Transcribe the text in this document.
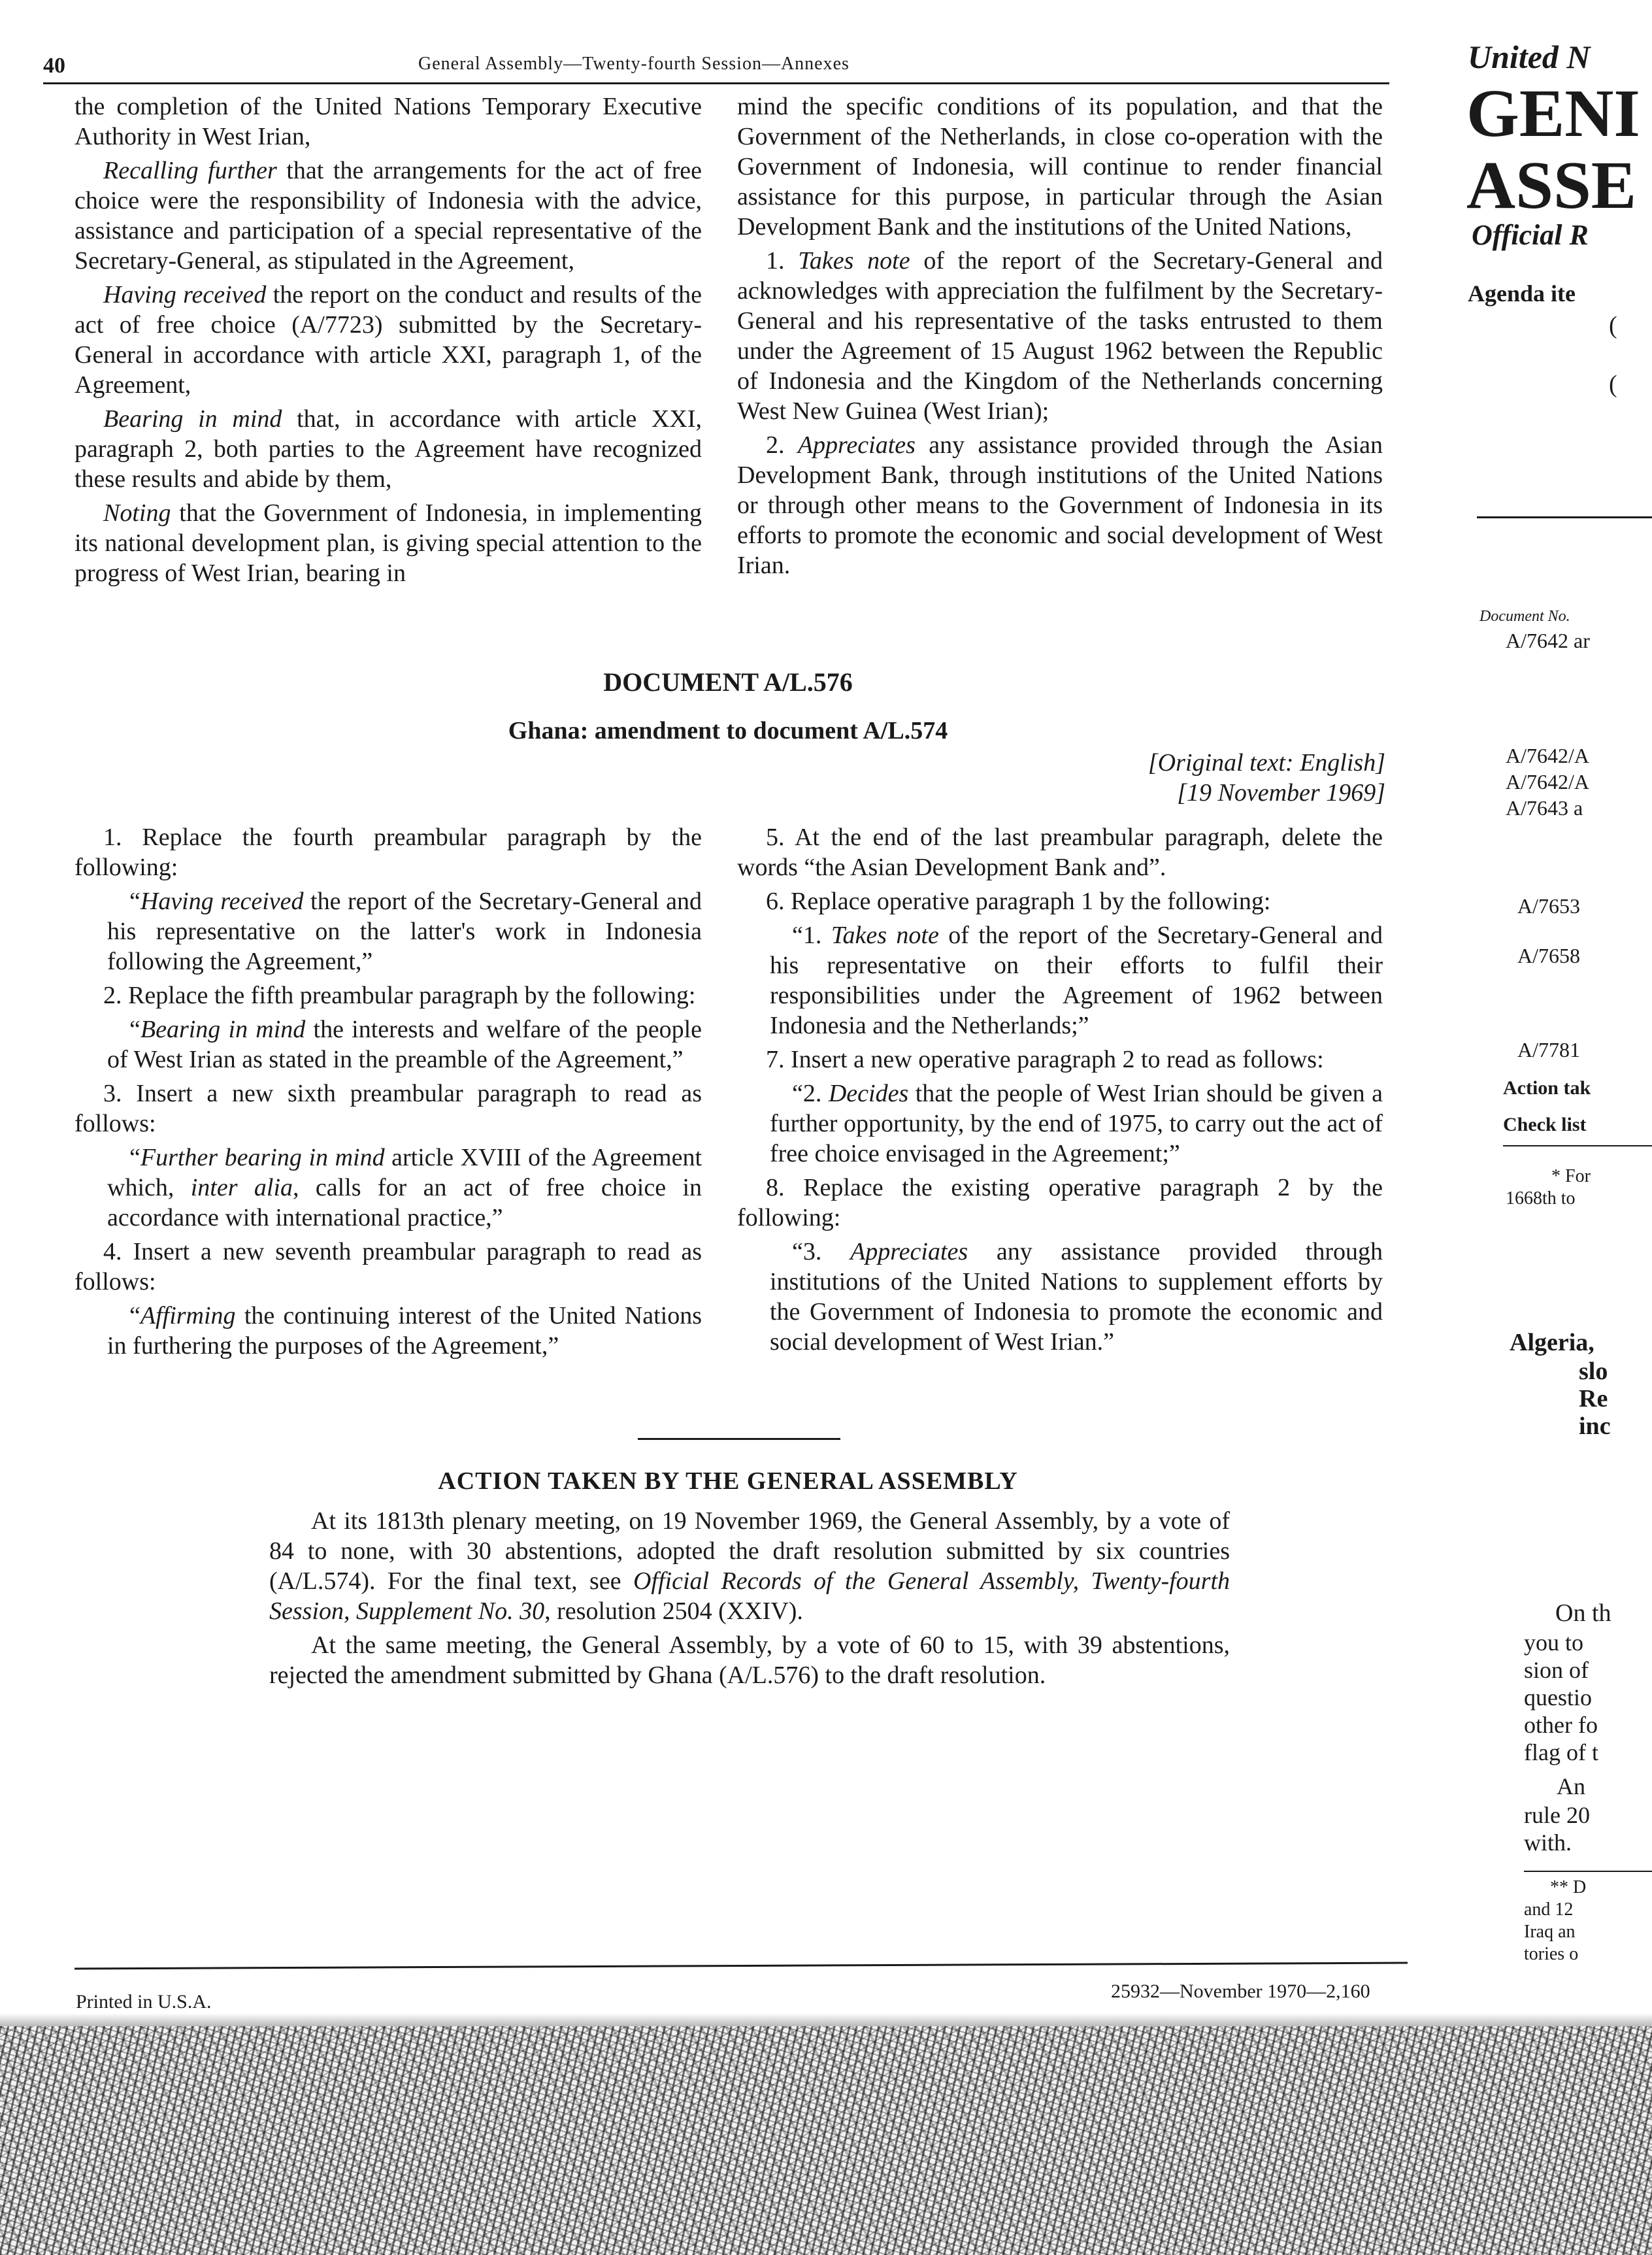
40	General Assembly—Twenty-fourth Session—Annexes

the completion of the United Nations Temporary Executive Authority in West Irian,

Recalling further that the arrangements for the act of free choice were the responsibility of Indonesia with the advice, assistance and participation of a special representative of the Secretary-General, as stipulated in the Agreement,

Having received the report on the conduct and results of the act of free choice (A/7723) submitted by the Secretary-General in accordance with article XXI, paragraph 1, of the Agreement,

Bearing in mind that, in accordance with article XXI, paragraph 2, both parties to the Agreement have recognized these results and abide by them,

Noting that the Government of Indonesia, in implementing its national development plan, is giving special attention to the progress of West Irian, bearing in

mind the specific conditions of its population, and that the Government of the Netherlands, in close co-operation with the Government of Indonesia, will continue to render financial assistance for this purpose, in particular through the Asian Development Bank and the institutions of the United Nations,

1. Takes note of the report of the Secretary-General and acknowledges with appreciation the fulfilment by the Secretary-General and his representative of the tasks entrusted to them under the Agreement of 15 August 1962 between the Republic of Indonesia and the Kingdom of the Netherlands concerning West New Guinea (West Irian);

2. Appreciates any assistance provided through the Asian Development Bank, through institutions of the United Nations or through other means to the Government of Indonesia in its efforts to promote the economic and social development of West Irian.

DOCUMENT A/L.576
Ghana: amendment to document A/L.574
[Original text: English]
[19 November 1969]

1. Replace the fourth preambular paragraph by the following:

“Having received the report of the Secretary-General and his representative on the latter's work in Indonesia following the Agreement,”

2. Replace the fifth preambular paragraph by the following:

“Bearing in mind the interests and welfare of the people of West Irian as stated in the preamble of the Agreement,”

3. Insert a new sixth preambular paragraph to read as follows:

“Further bearing in mind article XVIII of the Agreement which, inter alia, calls for an act of free choice in accordance with international practice,”

4. Insert a new seventh preambular paragraph to read as follows:

“Affirming the continuing interest of the United Nations in furthering the purposes of the Agreement,”

5. At the end of the last preambular paragraph, delete the words “the Asian Development Bank and”.

6. Replace operative paragraph 1 by the following:

“1. Takes note of the report of the Secretary-General and his representative on their efforts to fulfil their responsibilities under the Agreement of 1962 between Indonesia and the Netherlands;”

7. Insert a new operative paragraph 2 to read as follows:

“2. Decides that the people of West Irian should be given a further opportunity, by the end of 1975, to carry out the act of free choice envisaged in the Agreement;”

8. Replace the existing operative paragraph 2 by the following:

“3. Appreciates any assistance provided through institutions of the United Nations to supplement efforts by the Government of Indonesia to promote the economic and social development of West Irian.”

ACTION TAKEN BY THE GENERAL ASSEMBLY

At its 1813th plenary meeting, on 19 November 1969, the General Assembly, by a vote of 84 to none, with 30 abstentions, adopted the draft resolution submitted by six countries (A/L.574). For the final text, see Official Records of the General Assembly, Twenty-fourth Session, Supplement No. 30, resolution 2504 (XXIV).

At the same meeting, the General Assembly, by a vote of 60 to 15, with 39 abstentions, rejected the amendment submitted by Ghana (A/L.576) to the draft resolution.

Printed in U.S.A.	25932—November 1970—2,160
United N
GENI
ASSE
Official R
Agenda ite
(
(
Document No.
A/7642 ar
A/7642/A
A/7642/A
A/7643 a
A/7653
A/7658
A/7781
Action tak
Check list
* For
1668th to
Algeria,
slo
Re
inc
On th
you to
sion of
questio
other fo
flag of t
An
rule 20
with.
** D
and 12
Iraq an
tories o
